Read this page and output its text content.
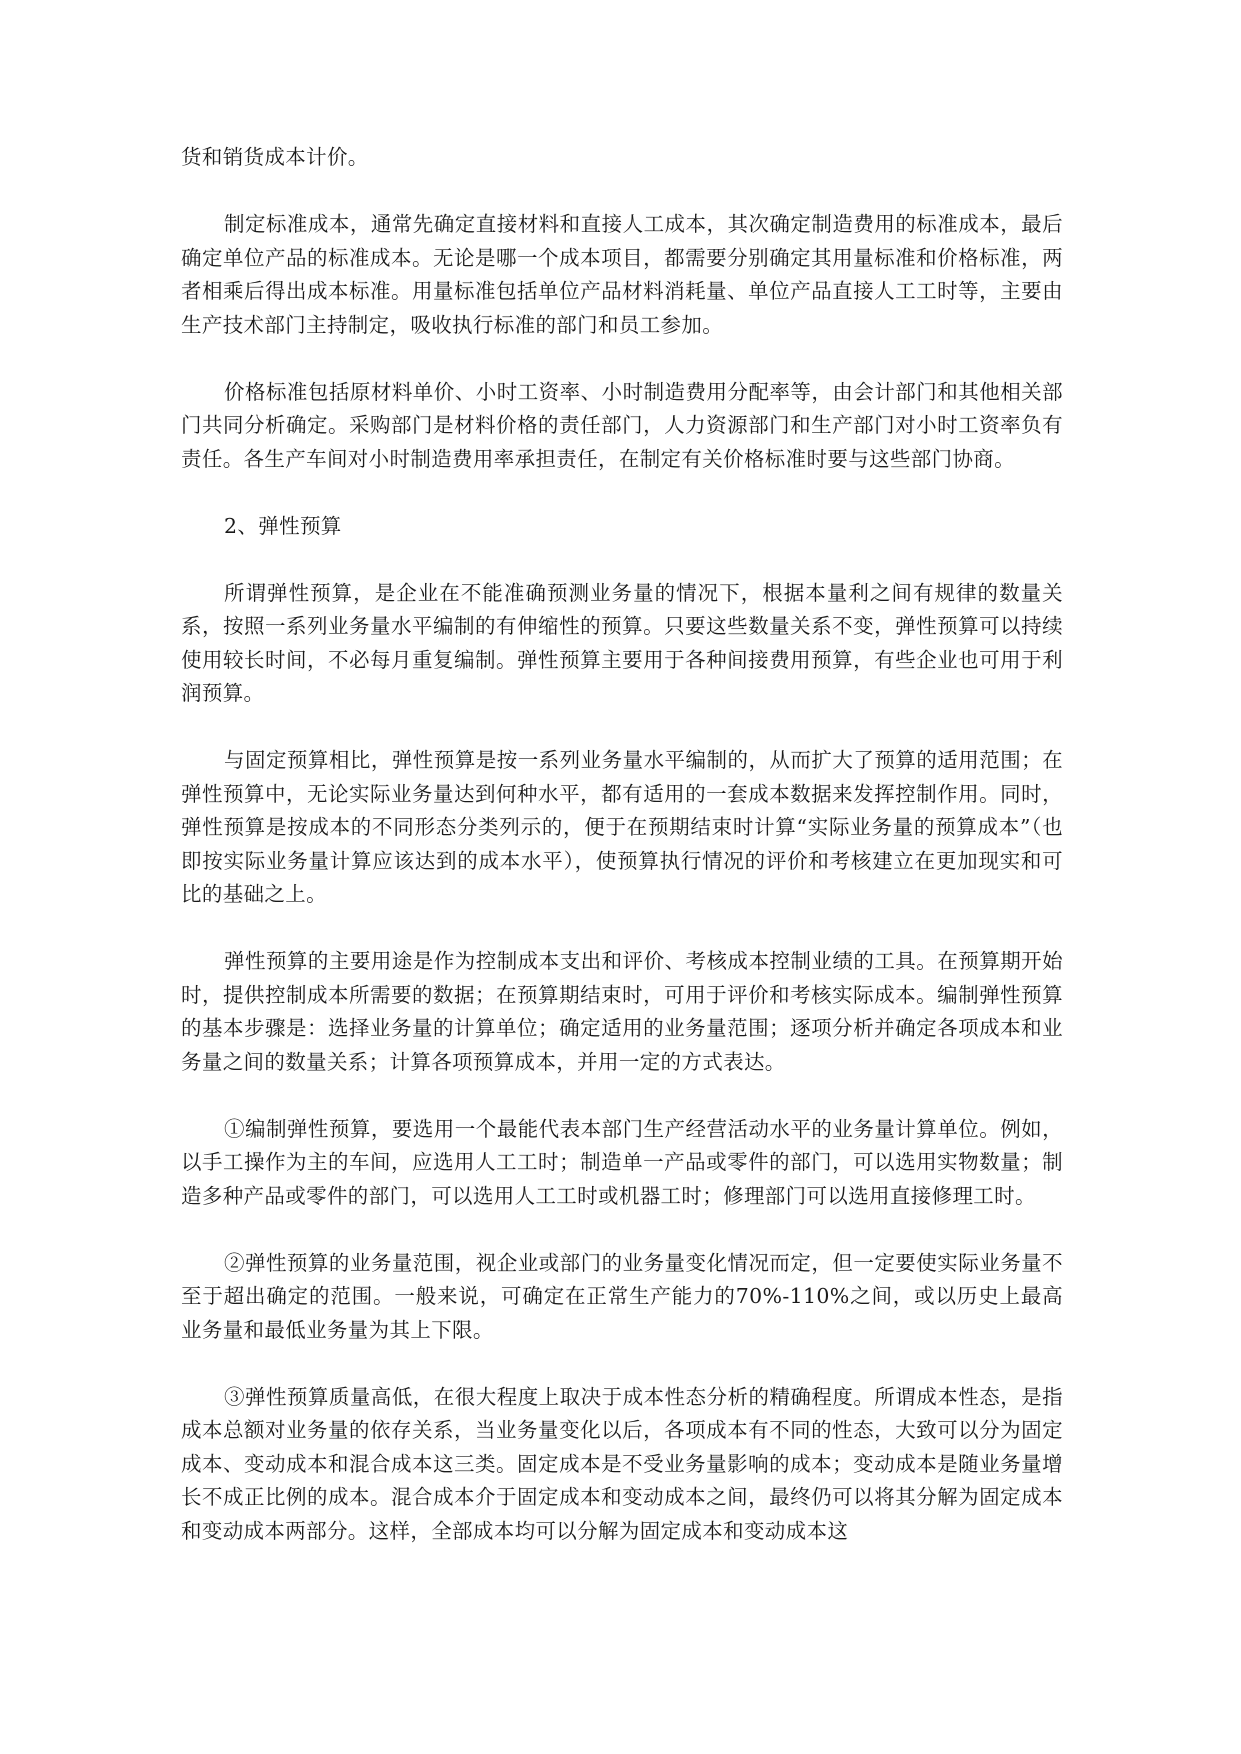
货和销货成本计价。

制定标准成本，通常先确定直接材料和直接人工成本，其次确定制造费用的标准成本，最后确定单位产品的标准成本。无论是哪一个成本项目，都需要分别确定其用量标准和价格标准，两者相乘后得出成本标准。用量标准包括单位产品材料消耗量、单位产品直接人工工时等，主要由生产技术部门主持制定，吸收执行标准的部门和员工参加。

价格标准包括原材料单价、小时工资率、小时制造费用分配率等，由会计部门和其他相关部门共同分析确定。采购部门是材料价格的责任部门，人力资源部门和生产部门对小时工资率负有责任。各生产车间对小时制造费用率承担责任，在制定有关价格标准时要与这些部门协商。

2、弹性预算

所谓弹性预算，是企业在不能准确预测业务量的情况下，根据本量利之间有规律的数量关系，按照一系列业务量水平编制的有伸缩性的预算。只要这些数量关系不变，弹性预算可以持续使用较长时间，不必每月重复编制。弹性预算主要用于各种间接费用预算，有些企业也可用于利润预算。

与固定预算相比，弹性预算是按一系列业务量水平编制的，从而扩大了预算的适用范围；在弹性预算中，无论实际业务量达到何种水平，都有适用的一套成本数据来发挥控制作用。同时，弹性预算是按成本的不同形态分类列示的，便于在预期结束时计算“实际业务量的预算成本”（也即按实际业务量计算应该达到的成本水平），使预算执行情况的评价和考核建立在更加现实和可比的基础之上。

弹性预算的主要用途是作为控制成本支出和评价、考核成本控制业绩的工具。在预算期开始时，提供控制成本所需要的数据；在预算期结束时，可用于评价和考核实际成本。编制弹性预算的基本步骤是：选择业务量的计算单位；确定适用的业务量范围；逐项分析并确定各项成本和业务量之间的数量关系；计算各项预算成本，并用一定的方式表达。

①编制弹性预算，要选用一个最能代表本部门生产经营活动水平的业务量计算单位。例如，以手工操作为主的车间，应选用人工工时；制造单一产品或零件的部门，可以选用实物数量；制造多种产品或零件的部门，可以选用人工工时或机器工时；修理部门可以选用直接修理工时。

②弹性预算的业务量范围，视企业或部门的业务量变化情况而定，但一定要使实际业务量不至于超出确定的范围。一般来说，可确定在正常生产能力的70%-110%之间，或以历史上最高业务量和最低业务量为其上下限。

③弹性预算质量高低，在很大程度上取决于成本性态分析的精确程度。所谓成本性态，是指成本总额对业务量的依存关系，当业务量变化以后，各项成本有不同的性态，大致可以分为固定成本、变动成本和混合成本这三类。固定成本是不受业务量影响的成本；变动成本是随业务量增长不成正比例的成本。混合成本介于固定成本和变动成本之间，最终仍可以将其分解为固定成本和变动成本两部分。这样，全部成本均可以分解为固定成本和变动成本这
